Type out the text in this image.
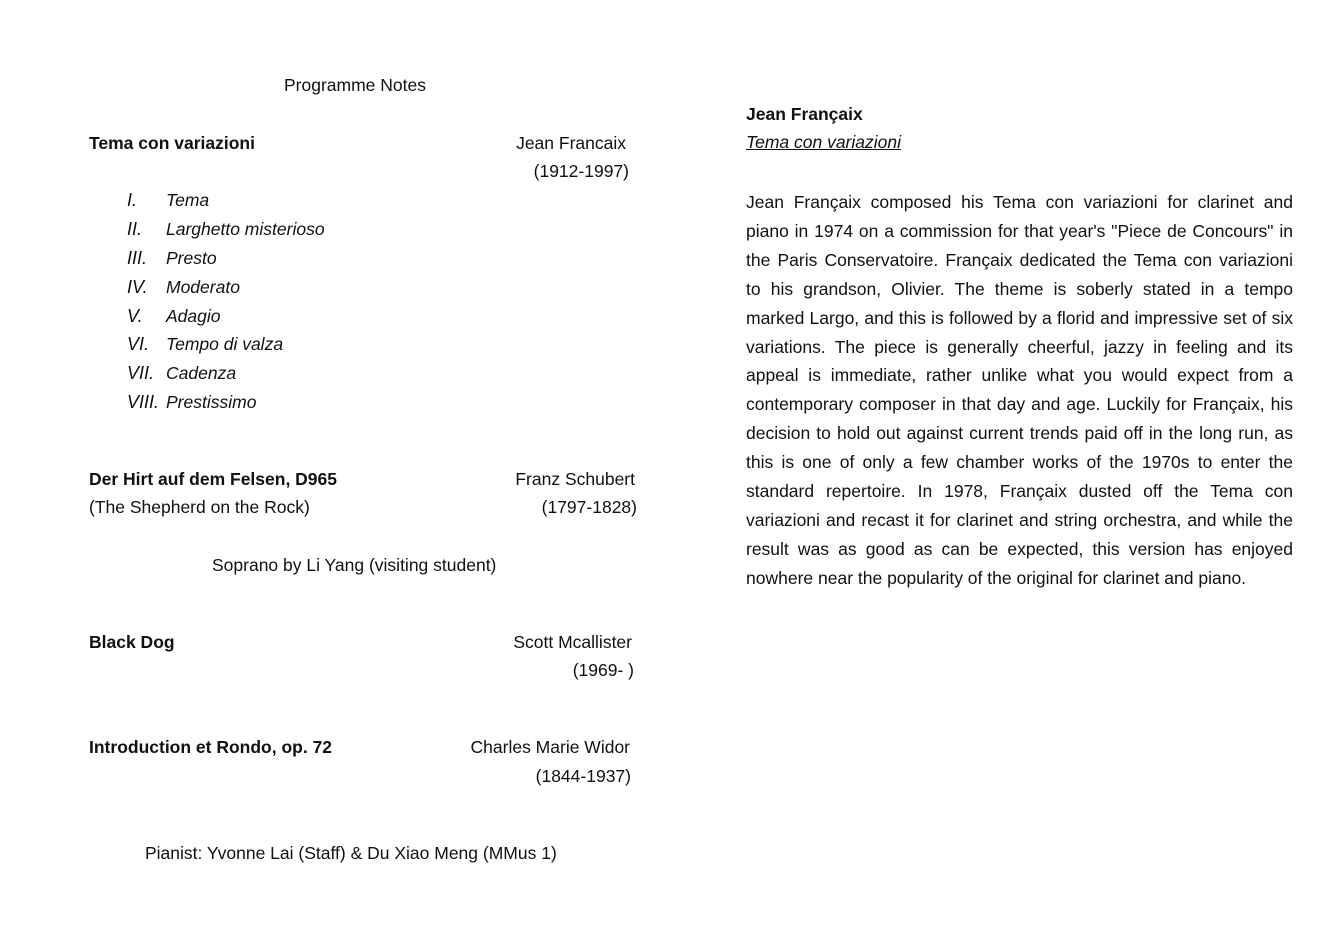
Programme Notes
Tema con variazioni	Jean Francaix
(1912-1997)
I. Tema
II. Larghetto misterioso
III. Presto
IV. Moderato
V. Adagio
VI. Tempo di valza
VII. Cadenza
VIII. Prestissimo
Der Hirt auf dem Felsen, D965	Franz Schubert
(The Shepherd on the Rock)	(1797-1828)
Soprano by Li Yang (visiting student)
Black Dog	Scott Mcallister
(1969- )
Introduction et Rondo, op. 72	Charles Marie Widor
(1844-1937)
Pianist: Yvonne Lai (Staff) & Du Xiao Meng (MMus 1)
Jean Françaix
Tema con variazioni
Jean Françaix composed his Tema con variazioni for clarinet and piano in 1974 on a commission for that year's "Piece de Concours" in the Paris Conservatoire. Françaix dedicated the Tema con variazioni to his grandson, Olivier. The theme is soberly stated in a tempo marked Largo, and this is followed by a florid and impressive set of six variations. The piece is generally cheerful, jazzy in feeling and its appeal is immediate, rather unlike what you would expect from a contemporary composer in that day and age. Luckily for Françaix, his decision to hold out against current trends paid off in the long run, as this is one of only a few chamber works of the 1970s to enter the standard repertoire. In 1978, Françaix dusted off the Tema con variazioni and recast it for clarinet and string orchestra, and while the result was as good as can be expected, this version has enjoyed nowhere near the popularity of the original for clarinet and piano.
